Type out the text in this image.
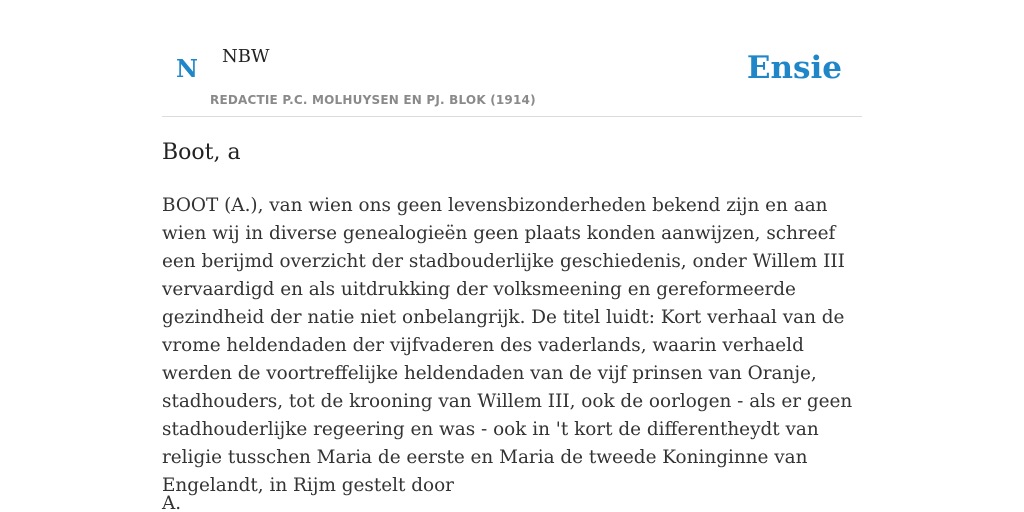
N NBW
REDACTIE P.C. MOLHUYSEN EN PJ. BLOK (1914)
Ensie
Boot, a

BOOT (A.), van wien ons geen levensbizonderheden bekend zijn en aan wien wij in diverse genealogieën geen plaats konden aanwijzen, schreef een berijmd overzicht der stadbouderlijke geschiedenis, onder Willem III vervaardigd en als uitdrukking der volksmeening en gereformeerde gezindheid der natie niet onbelangrijk. De titel luidt: Kort verhaal van de vrome heldendaden der vijfvaderen des vaderlands, waarin verhaeld werden de voortreffelijke heldendaden van de vijf prinsen van Oranje, stadhouders, tot de krooning van Willem III, ook de oorlogen - als er geen stadhouderlijke regeering en was - ook in 't kort de differentheydt van religie tusschen Maria de eerste en Maria de tweede Koninginne van Engelandt, in Rijm gestelt door

A.
